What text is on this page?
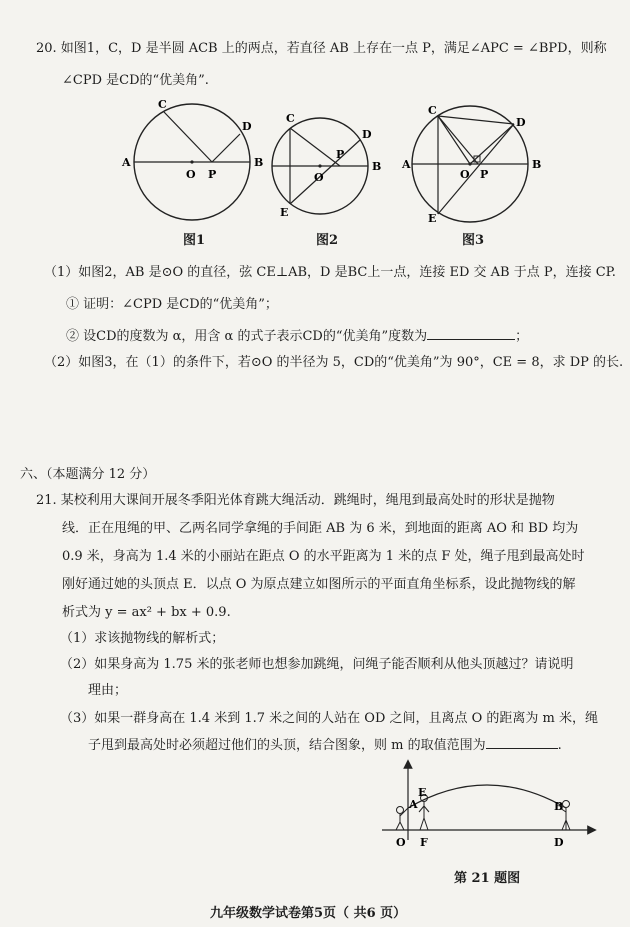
20. 如图1，C，D 是半圆 ACB 上的两点，若直径 AB 上存在一点 P，满足∠APC = ∠BPD，则称
∠CPD 是CD的“优美角”.
A	B
C
D
O P
图1
C
D
E
B
O
P
图2
C
D
E
A	B
O P
图3
（1）如图2，AB 是⊙O 的直径，弦 CE⊥AB，D 是BC上一点，连接 ED 交 AB 于点 P，连接 CP.
① 证明：∠CPD 是CD的“优美角”；
② 设CD的度数为 α，用含 α 的式子表示CD的“优美角”度数为	；
（2）如图3，在（1）的条件下，若⊙O 的半径为 5，CD的“优美角”为 90°，CE = 8，求 DP 的长.
六、（本题满分 12 分）
21. 某校利用大课间开展冬季阳光体育跳大绳活动．跳绳时，绳甩到最高处时的形状是抛物
线．正在甩绳的甲、乙两名同学拿绳的手间距 AB 为 6 米，到地面的距离 AO 和 BD 均为
0.9 米，身高为 1.4 米的小丽站在距点 O 的水平距离为 1 米的点 F 处，绳子甩到最高处时
刚好通过她的头顶点 E．以点 O 为原点建立如图所示的平面直角坐标系，设此抛物线的解
析式为 y = ax² + bx + 0.9.
（1）求该抛物线的解析式；
（2）如果身高为 1.75 米的张老师也想参加跳绳，问绳子能否顺利从他头顶越过？请说明
理由；
（3）如果一群身高在 1.4 米到 1.7 米之间的人站在 OD 之间，且离点 O 的距离为 m 米，绳
子甩到最高处时必须超过他们的头顶，结合图象，则 m 的取值范围为	.
O F	D
A
E
B
第 21 题图
九年级数学试卷第5页（ 共6 页）
